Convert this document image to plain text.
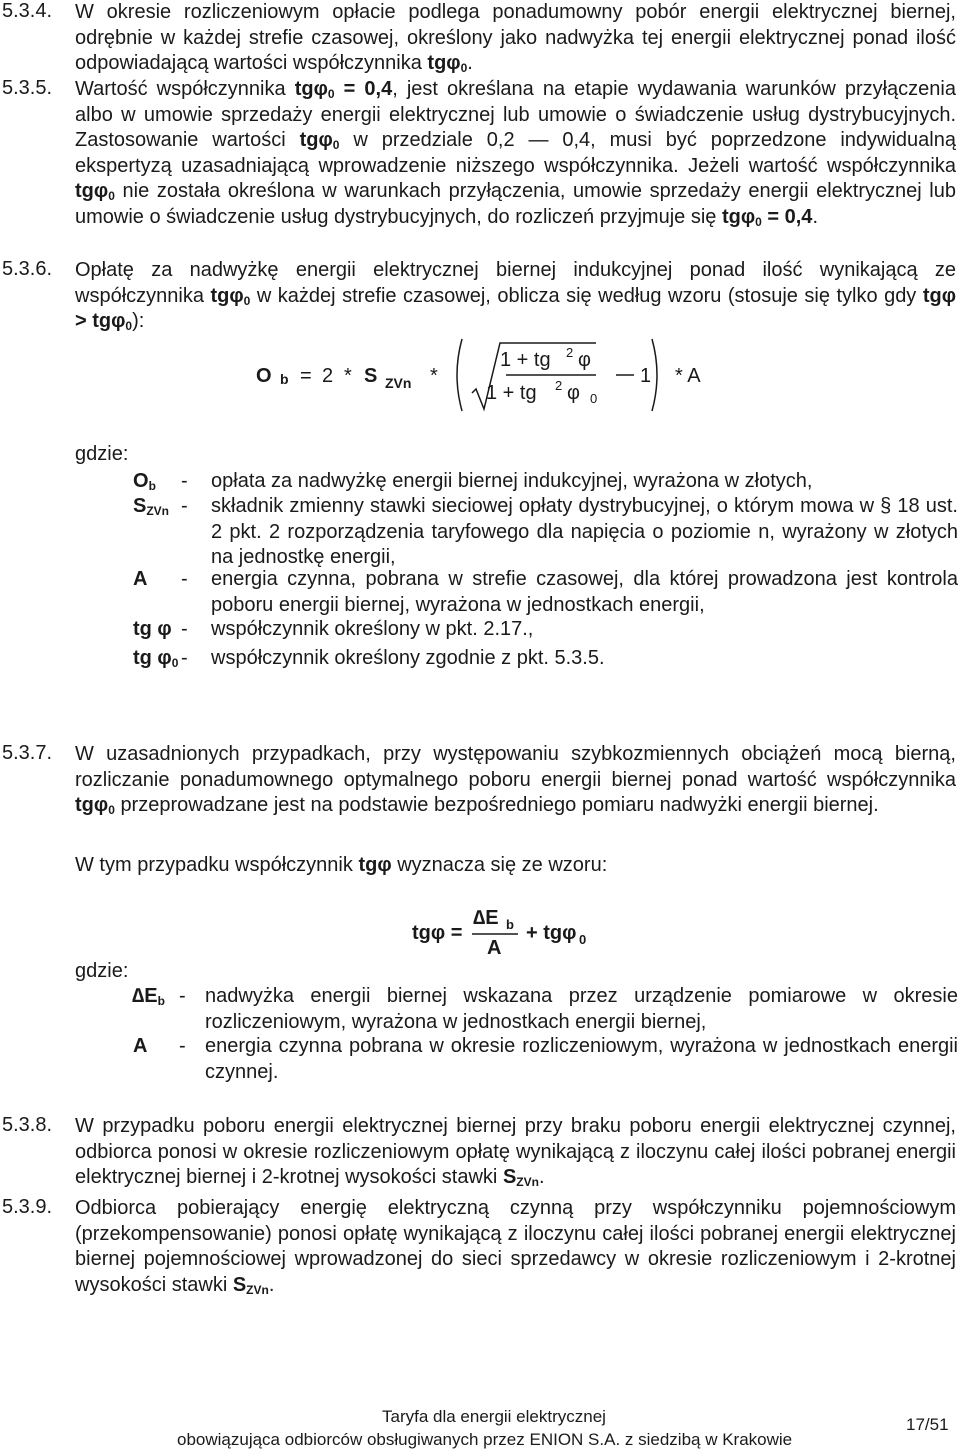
5.3.4. W okresie rozliczeniowym opłacie podlega ponadumowny pobór energii elektrycznej biernej, odrębnie w każdej strefie czasowej, określony jako nadwyżka tej energii elektrycznej ponad ilość odpowiadającą wartości współczynnika tgφ$_0$.
5.3.5. Wartość współczynnika tgφ$_0$ = 0,4, jest określana na etapie wydawania warunków przyłączenia albo w umowie sprzedaży energii elektrycznej lub umowie o świadczenie usług dystrybucyjnych. Zastosowanie wartości tgφ$_0$ w przedziale 0,2 ― 0,4, musi być poprzedzone indywidualną ekspertyzą uzasadniającą wprowadzenie niższego współczynnika. Jeżeli wartość współczynnika tgφ$_0$ nie została określona w warunkach przyłączenia, umowie sprzedaży energii elektrycznej lub umowie o świadczenie usług dystrybucyjnych, do rozliczeń przyjmuje się tgφ$_0$ = 0,4.
5.3.6. Opłatę za nadwyżkę energii elektrycznej biernej indukcyjnej ponad ilość wynikającą ze współczynnika tgφ$_0$ w każdej strefie czasowej, oblicza się według wzoru (stosuje się tylko gdy tgφ > tgφ$_0$):
O b = 2 * S ZVn *
1 + tg 2 φ
1 + tg 2 φ 0
1 * A
gdzie:
$O_b$ - opłata za nadwyżkę energii biernej indukcyjnej, wyrażona w złotych,
$S_{ZVn}$ - składnik zmienny stawki sieciowej opłaty dystrybucyjnej, o którym mowa w § 18 ust. 2 pkt. 2 rozporządzenia taryfowego dla napięcia o poziomie n, wyrażony w złotych na jednostkę energii,
A - energia czynna, pobrana w strefie czasowej, dla której prowadzona jest kontrola poboru energii biernej, wyrażona w jednostkach energii,
tg φ - współczynnik określony w pkt. 2.17.,
tg $\varphi_0$ - współczynnik określony zgodnie z pkt. 5.3.5.
5.3.7. W uzasadnionych przypadkach, przy występowaniu szybkozmiennych obciążeń mocą bierną, rozliczanie ponadumownego optymalnego poboru energii biernej ponad wartość współczynnika tgφ$_0$ przeprowadzane jest na podstawie bezpośredniego pomiaru nadwyżki energii biernej.
W tym przypadku współczynnik tgφ wyznacza się ze wzoru:
tgφ =
∆E b
A
+ tgφ 0
gdzie:
$\Delta E_b$ - nadwyżka energii biernej wskazana przez urządzenie pomiarowe w okresie rozliczeniowym, wyrażona w jednostkach energii biernej,
A - energia czynna pobrana w okresie rozliczeniowym, wyrażona w jednostkach energii czynnej.
5.3.8. W przypadku poboru energii elektrycznej biernej przy braku poboru energii elektrycznej czynnej, odbiorca ponosi w okresie rozliczeniowym opłatę wynikającą z iloczynu całej ilości pobranej energii elektrycznej biernej i 2-krotnej wysokości stawki $S_{ZVn}$.
5.3.9. Odbiorca pobierający energię elektryczną czynną przy współczynniku pojemnościowym (przekompensowanie) ponosi opłatę wynikającą z iloczynu całej ilości pobranej energii elektrycznej biernej pojemnościowej wprowadzonej do sieci sprzedawcy w okresie rozliczeniowym i 2-krotnej wysokości stawki $S_{ZVn}$.
Taryfa dla energii elektrycznej
obowiązująca odbiorców obsługiwanych przez ENION S.A. z siedzibą w Krakowie
17/51
